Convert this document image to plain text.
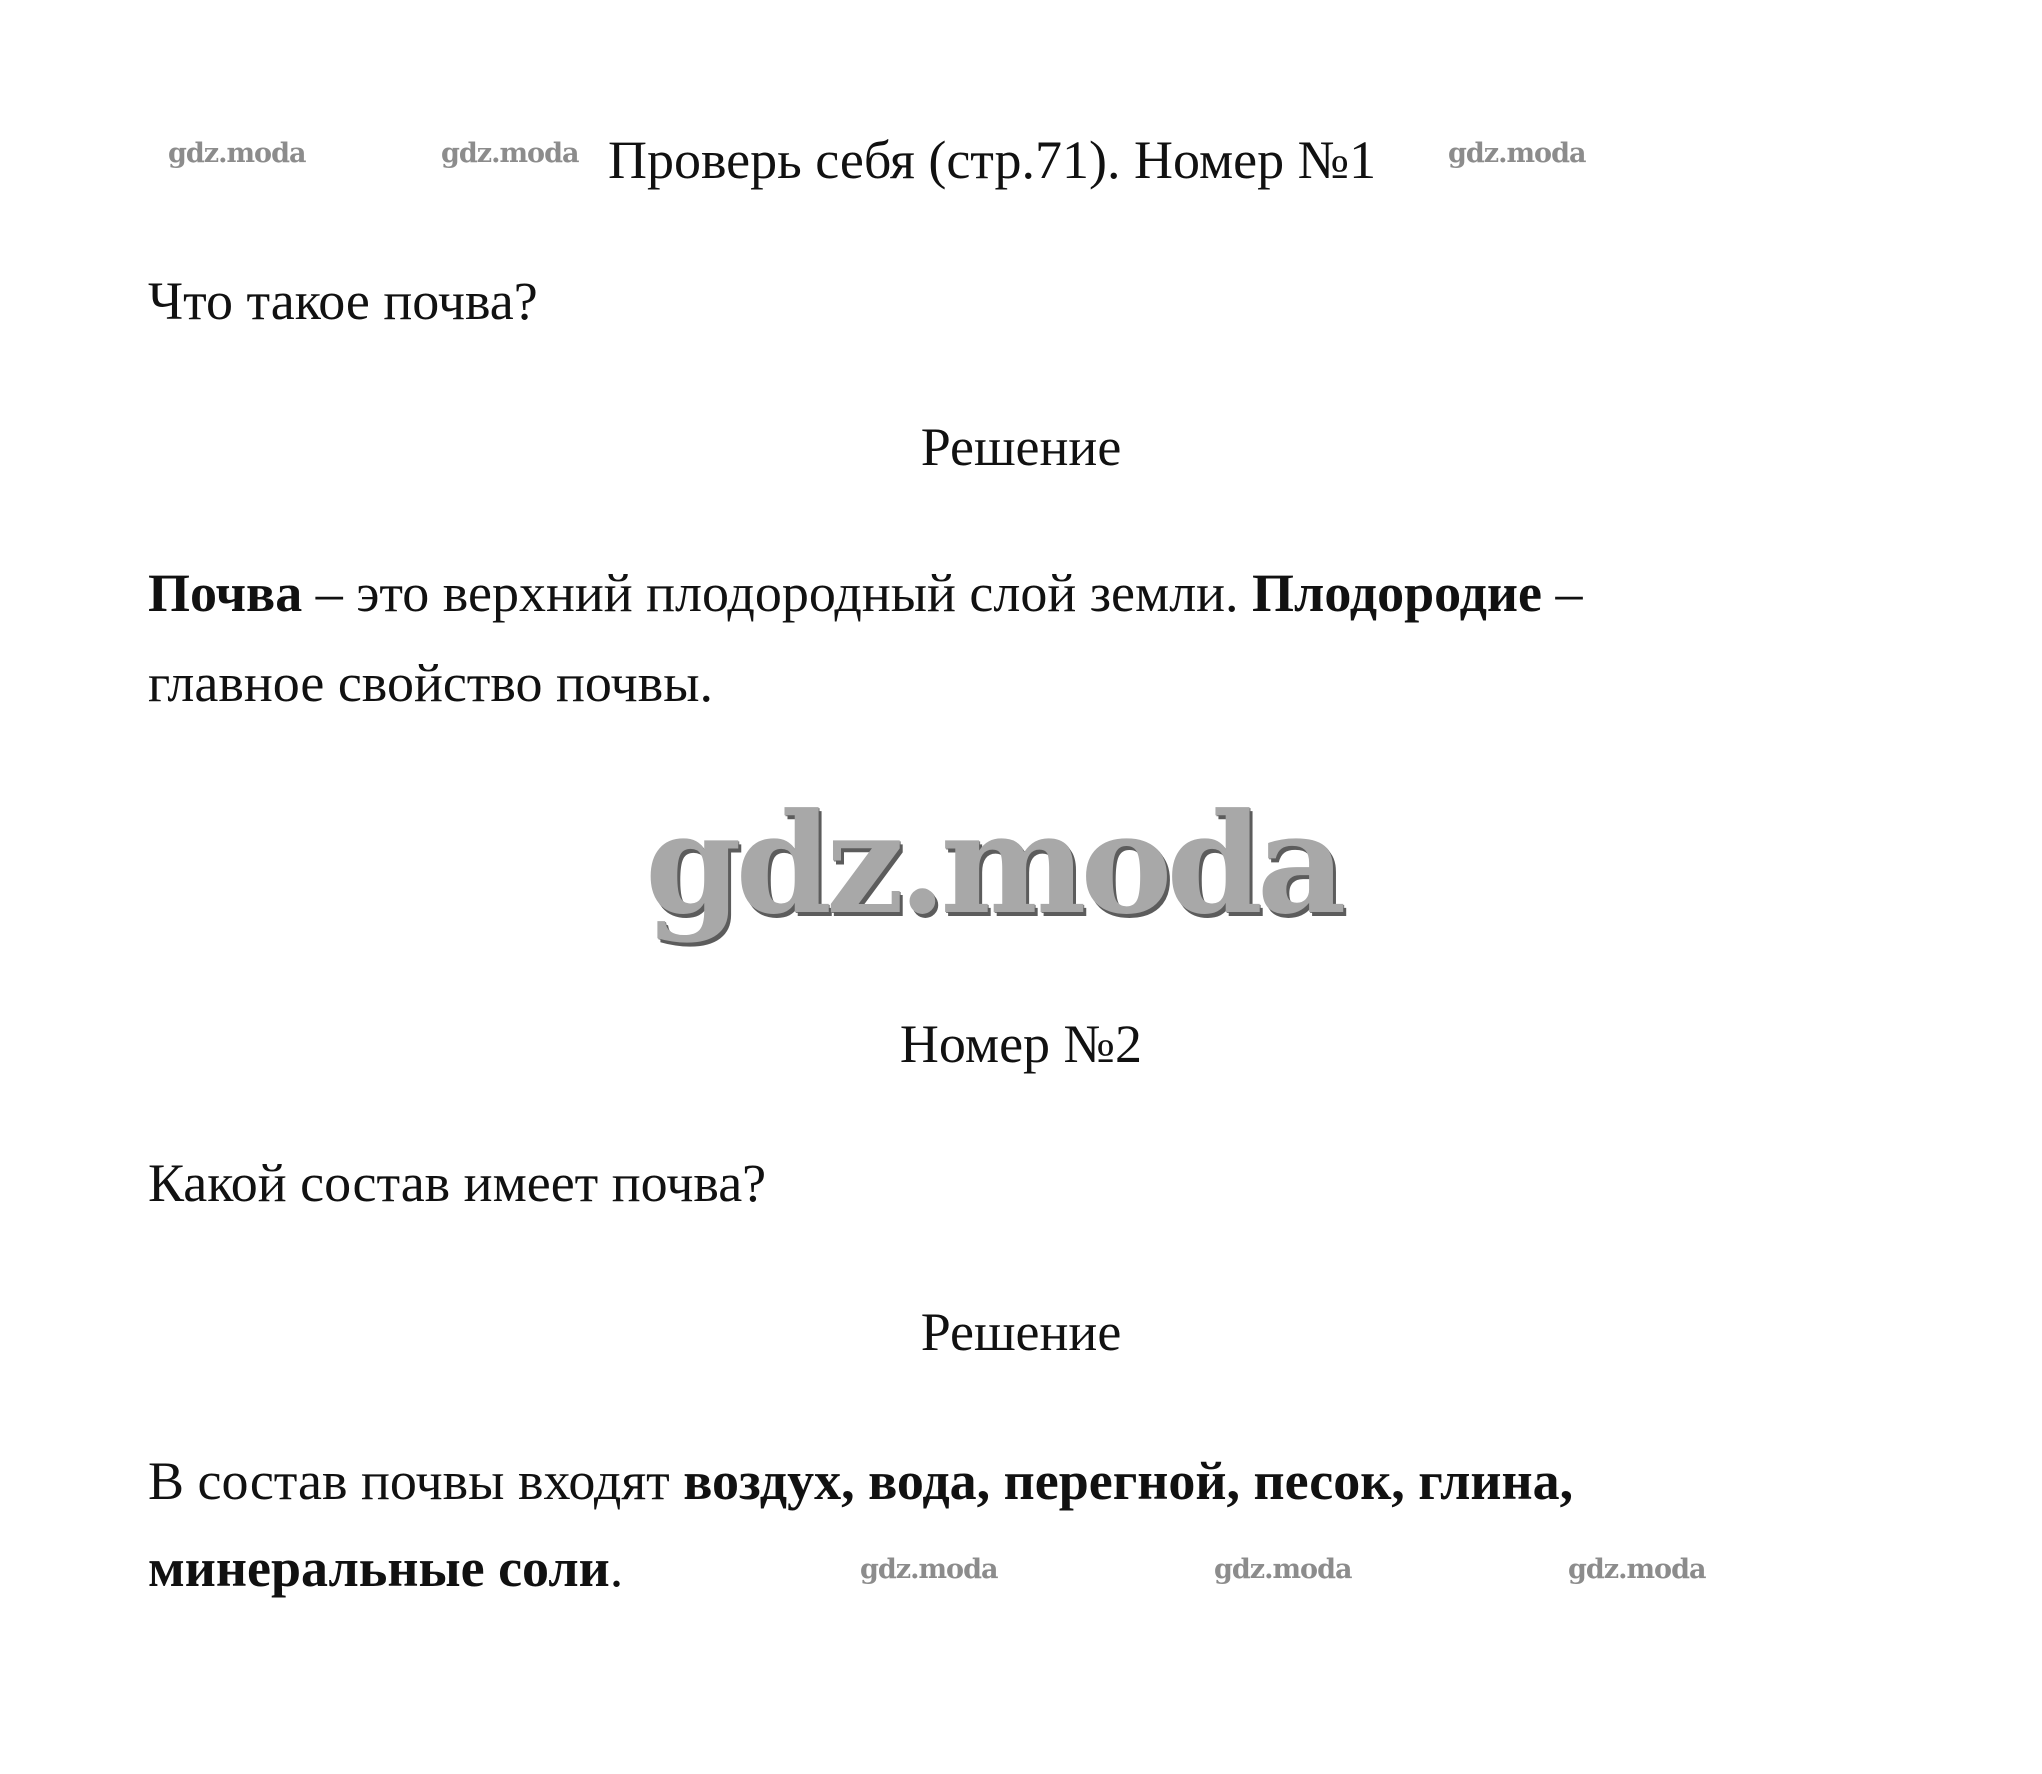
gdz.moda	gdz.moda	gdz.moda
Проверь себя (стр.71). Номер №1
Что такое почва?
Решение
Почва – это верхний плодородный слой земли. Плодородие –
главное свойство почвы.
gdz.moda
Номер №2
Какой состав имеет почва?
Решение
В состав почвы входят воздух, вода, перегной, песок, глина,
минеральные соли.	gdz.moda	gdz.moda	gdz.moda
